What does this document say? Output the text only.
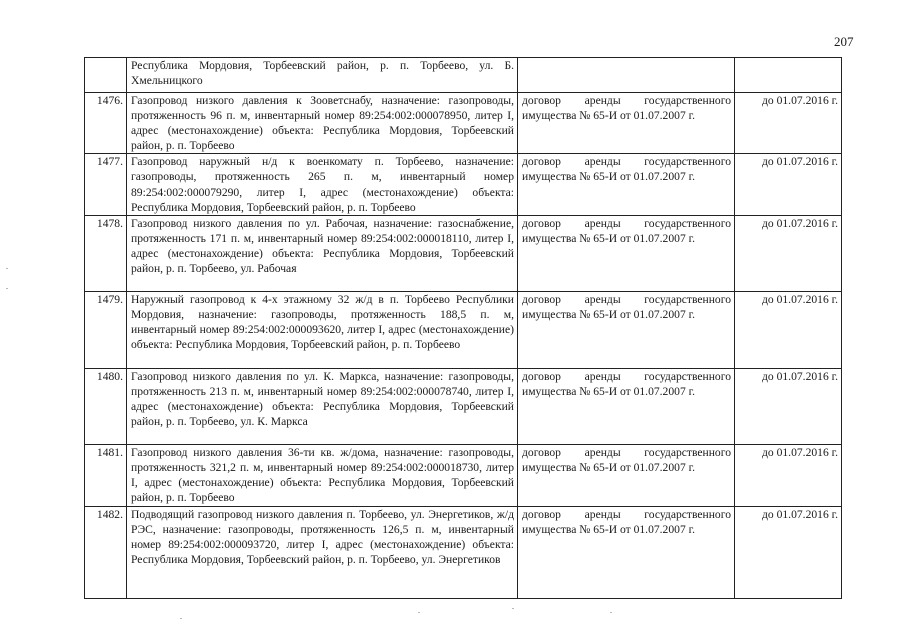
207

	Республика Мордовия, Торбеевский район, р. п. Торбеево, ул. Б. Хмельницкого		

1476.	Газопровод низкого давления к Зооветснабу, назначение: газопроводы, протяженность 96 п. м, инвентарный номер 89:254:002:000078950, литер I, адрес (местонахождение) объекта: Республика Мордовия, Торбеевский район, р. п. Торбеево	договор аренды государственного имущества № 65-И от 01.07.2007 г.	до 01.07.2016 г.
1477.	Газопровод наружный н/д к военкомату п. Торбеево, назначение: газопроводы, протяженность 265 п. м, инвентарный номер 89:254:002:000079290, литер I, адрес (местонахождение) объекта: Республика Мордовия, Торбеевский район, р. п. Торбеево	договор аренды государственного имущества № 65-И от 01.07.2007 г.	до 01.07.2016 г.
1478.	Газопровод низкого давления по ул. Рабочая, назначение: газоснабжение, протяженность 171 п. м, инвентарный номер 89:254:002:000018110, литер I, адрес (местонахождение) объекта: Республика Мордовия, Торбеевский район, р. п. Торбеево, ул. Рабочая	договор аренды государственного имущества № 65-И от 01.07.2007 г.	до 01.07.2016 г.
1479.	Наружный газопровод к 4-х этажному 32 ж/д в п. Торбеево Республики Мордовия, назначение: газопроводы, протяженность 188,5 п. м, инвентарный номер 89:254:002:000093620, литер I, адрес (местонахождение) объекта: Республика Мордовия, Торбеевский район, р. п. Торбеево	договор аренды государственного имущества № 65-И от 01.07.2007 г.	до 01.07.2016 г.
1480.	Газопровод низкого давления по ул. К. Маркса, назначение: газопроводы, протяженность 213 п. м, инвентарный номер 89:254:002:000078740, литер I, адрес (местонахождение) объекта: Республика Мордовия, Торбеевский район, р. п. Торбеево, ул. К. Маркса	договор аренды государственного имущества № 65-И от 01.07.2007 г.	до 01.07.2016 г.
1481.	Газопровод низкого давления 36-ти кв. ж/дома, назначение: газопроводы, протяженность 321,2 п. м, инвентарный номер 89:254:002:000018730, литер I, адрес (местонахождение) объекта: Республика Мордовия, Торбеевский район, р. п. Торбеево	договор аренды государственного имущества № 65-И от 01.07.2007 г.	до 01.07.2016 г.
1482.	Подводящий газопровод низкого давления п. Торбеево, ул. Энергетиков, ж/д РЭС, назначение: газопроводы, протяженность 126,5 п. м, инвентарный номер 89:254:002:000093720, литер I, адрес (местонахождение) объекта: Республика Мордовия, Торбеевский район, р. п. Торбеево, ул. Энергетиков	договор аренды государственного имущества № 65-И от 01.07.2007 г.	до 01.07.2016 г.
